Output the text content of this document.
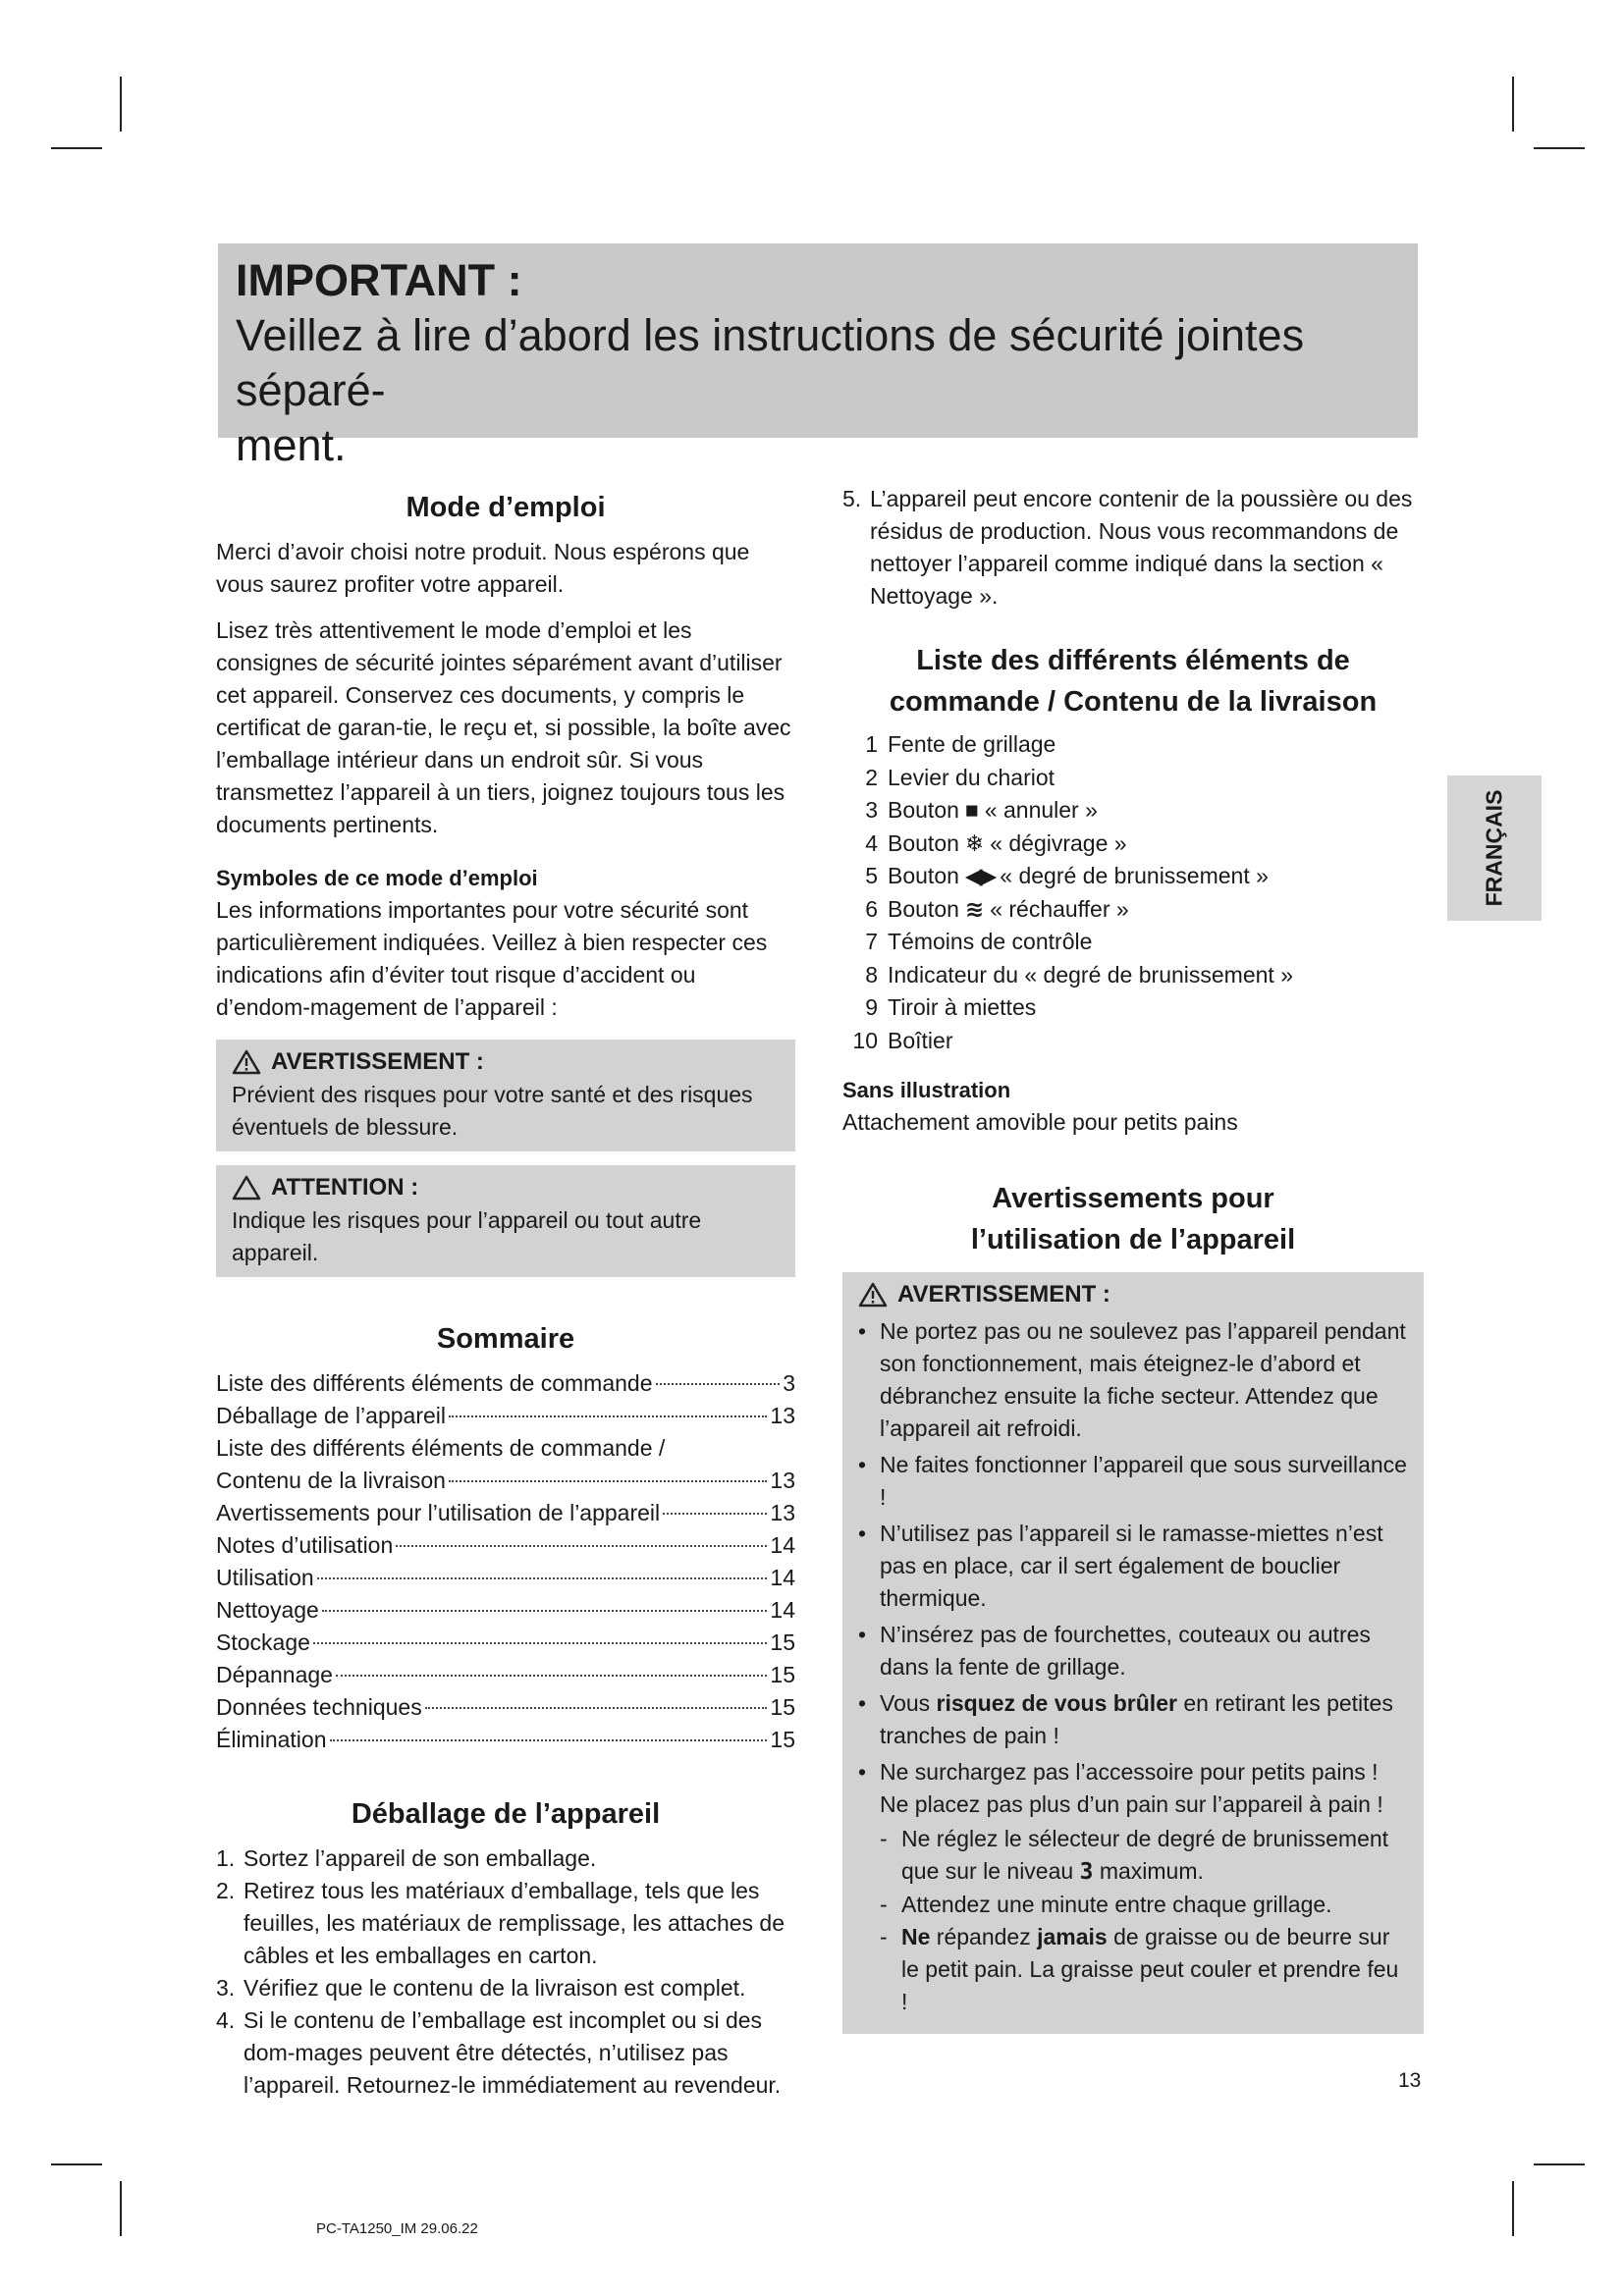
IMPORTANT :
Veillez à lire d’abord les instructions de sécurité jointes séparé-
ment.
Mode d’emploi

Merci d’avoir choisi notre produit. Nous espérons que vous saurez profiter votre appareil.

Lisez très attentivement le mode d’emploi et les consignes de sécurité jointes séparément avant d’utiliser cet appareil. Conservez ces documents, y compris le certificat de garan-tie, le reçu et, si possible, la boîte avec l’emballage intérieur dans un endroit sûr. Si vous transmettez l’appareil à un tiers, joignez toujours tous les documents pertinents.

Symboles de ce mode d’emploi

Les informations importantes pour votre sécurité sont particulièrement indiquées. Veillez à bien respecter ces indications afin d’éviter tout risque d’accident ou d’endom-magement de l’appareil :

AVERTISSEMENT :

Prévient des risques pour votre santé et des risques éventuels de blessure.

ATTENTION :

Indique les risques pour l’appareil ou tout autre appareil.

Sommaire
Liste des différents éléments de commande	3
Déballage de l’appareil	13
Liste des différents éléments de commande /
Contenu de la livraison	13
Avertissements pour l’utilisation de l’appareil	13
Notes d’utilisation	14
Utilisation	14
Nettoyage	14
Stockage	15
Dépannage	15
Données techniques	15
Élimination	15
Déballage de l’appareil
1. Sortez l’appareil de son emballage.
2. Retirez tous les matériaux d’emballage, tels que les feuilles, les matériaux de remplissage, les attaches de câbles et les emballages en carton.
3. Vérifiez que le contenu de la livraison est complet.
4. Si le contenu de l’emballage est incomplet ou si des dom-mages peuvent être détectés, n’utilisez pas l’appareil. Retournez-le immédiatement au revendeur.
5. L’appareil peut encore contenir de la poussière ou des résidus de production. Nous vous recommandons de nettoyer l’appareil comme indiqué dans la section « Nettoyage ».
Liste des différents éléments de
commande / Contenu de la livraison
1 Fente de grillage
2 Levier du chariot
3 Bouton ■ « annuler »
4 Bouton ❄ « dégivrage »
5 Bouton ◀▶ « degré de brunissement »
6 Bouton ≋ « réchauffer »
7 Témoins de contrôle
8 Indicateur du « degré de brunissement »
9 Tiroir à miettes
10 Boîtier
Sans illustration

Attachement amovible pour petits pains

Avertissements pour
l’utilisation de l’appareil
AVERTISSEMENT :
• Ne portez pas ou ne soulevez pas l’appareil pendant son fonctionnement, mais éteignez-le d’abord et débranchez ensuite la fiche secteur. Attendez que l’appareil ait refroidi.
• Ne faites fonctionner l’appareil que sous surveillance !
• N’utilisez pas l’appareil si le ramasse-miettes n’est pas en place, car il sert également de bouclier thermique.
• N’insérez pas de fourchettes, couteaux ou autres dans la fente de grillage.
• Vous risquez de vous brûler en retirant les petites tranches de pain !
• Ne surchargez pas l’accessoire pour petits pains ! Ne placez pas plus d’un pain sur l’appareil à pain !
- Ne réglez le sélecteur de degré de brunissement que sur le niveau 3 maximum.
- Attendez une minute entre chaque grillage.
- Ne répandez jamais de graisse ou de beurre sur le petit pain. La graisse peut couler et prendre feu !
FRANÇAIS
13
PC-TA1250_IM 29.06.22
